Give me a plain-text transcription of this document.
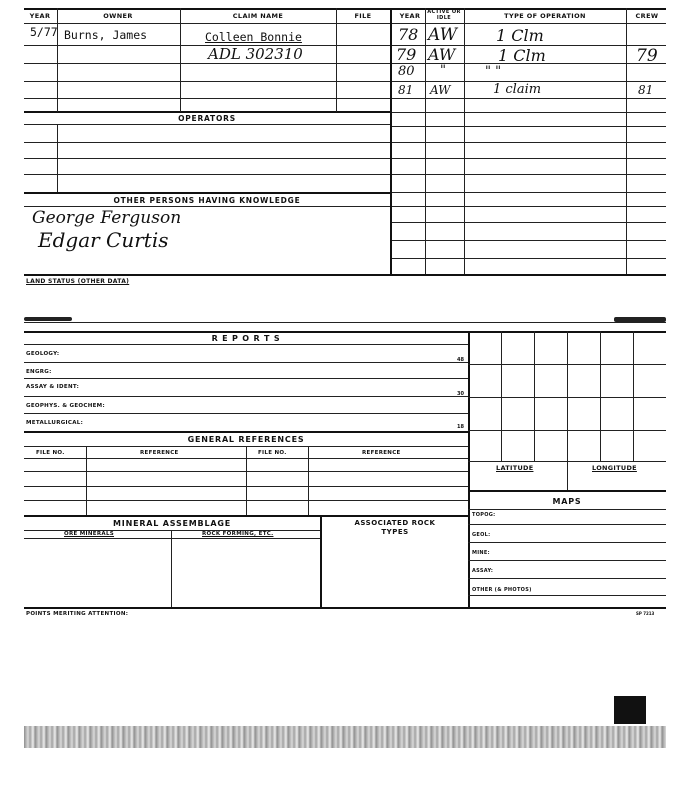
YEAR	OWNER	CLAIM NAME	FILE	YEAR	ACTIVE OR IDLE	TYPE OF OPERATION	CREW
5/77 Burns, James	Colleen Bonnie
ADL 302310
78 AW 1 Clm
79 AW	1 Clm	79
80 "	" "
81 AW	1 claim	81
OPERATORS
OTHER PERSONS HAVING KNOWLEDGE
George Ferguson
Edgar Curtis
LAND STATUS (OTHER DATA)
R E P O R T S
GEOLOGY:
48
ENGRG:
ASSAY & IDENT:
GEOPHYS. & GEOCHEM:
30
METALLURGICAL:
18
GENERAL REFERENCES
FILE NO.	REFERENCE	FILE NO.	REFERENCE
LATITUDE	LONGITUDE
MAPS
TOPOG:
GEOL:
MINE:
ASSAY:
OTHER (& PHOTOS)
MINERAL ASSEMBLAGE
ORE MINERALS	ROCK FORMING, ETC.
ASSOCIATED ROCK TYPES
POINTS MERITING ATTENTION:	SP 7213
